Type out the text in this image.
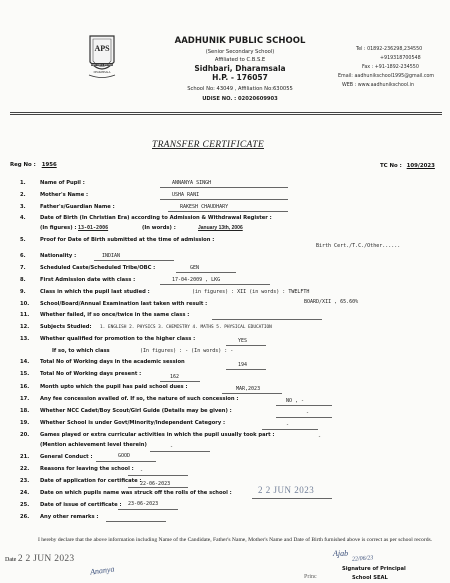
APS
JANKARI GYAN & ANUSHASAN
DHARAMSALA
AADHUNIK PUBLIC SCHOOL
(Senior Secondary School)
Affiliated to C.B.S.E
Sidhbari, Dharamsala
H.P. - 176057
School No: 43049 , Affiliation No:630055
UDISE NO. : 02020609903
Tel : 01892-236298,234550
+919318700548
Fax : +91-1892-234550
Email: aadhunikschool1995@gmail.com
WEB : www.aadhunikschool.in
TRANSFER CERTIFICATE
Reg No : 1956	TC No : 109/2023
1.	Name of Pupil :	ANNANYA SINGH
2.	Mother's Name :	USHA RANI
3.	Father's/Guardian Name :	RAKESH CHAUDHARY
4.	Date of Birth (In Christian Era) according to Admission & Withdrawal Register :
(In figures) : 13-01-2006	(In words) :	January 13th, 2006
5.	Proof for Date of Birth submitted at the time of admission :
Birth Cert./T.C./Other......
6.	Nationality :	INDIAN
7.	Scheduled Caste/Scheduled Tribe/OBC :	GEN
8.	First Admission date with class :	17-04-2009 , LKG
9.	Class in which the pupil last studied :	(in figures) : XII (in words) : TWELFTH
10. School/Board/Annual Examination last taken with result :	BOARD/XII , 65.60%
11. Whether failed, if so once/twice in the same class :
12. Subjects Studied: 1. ENGLISH 2. PHYSICS 3. CHEMISTRY 4. MATHS 5. PHYSICAL EDUCATION
13. Whether qualified for promotion to the higher class :	YES
If so, to which class	(In figures) : - (In words) : -
14. Total No of Working days in the academic session	194
15. Total No of Working days present :	162
16. Month upto which the pupil has paid school dues :	MAR,2023
17. Any fee concession availed of. If so, the nature of such concession :	NO , -
18. Whether NCC Cadet/Boy Scout/Girl Guide (Details may be given) :	-
19. Whether School is under Govt/Minority/Independent Category :	-
20. Games played or extra curricular activities in which the pupil usually took part :	-
(Mention achievement level therein)	-
21. General Conduct :	GOOD
22. Reasons for leaving the school : -
23. Date of application for certificate :
22-06-2023
24. Date on which pupils name was struck off the rolls of the school :	2 2 JUN 2023
25. Date of issue of certificate : 23-06-2023
26. Any other remarks :
I hereby declare that the above information including Name of the Candidate, Father's Name, Mother's Name and Date of Birth furnished above is correct as per school records.
Date 2 2 JUN 2023
Ananya
Ajab
22/06/23
Signature of Principal
Princ	School SEAL
